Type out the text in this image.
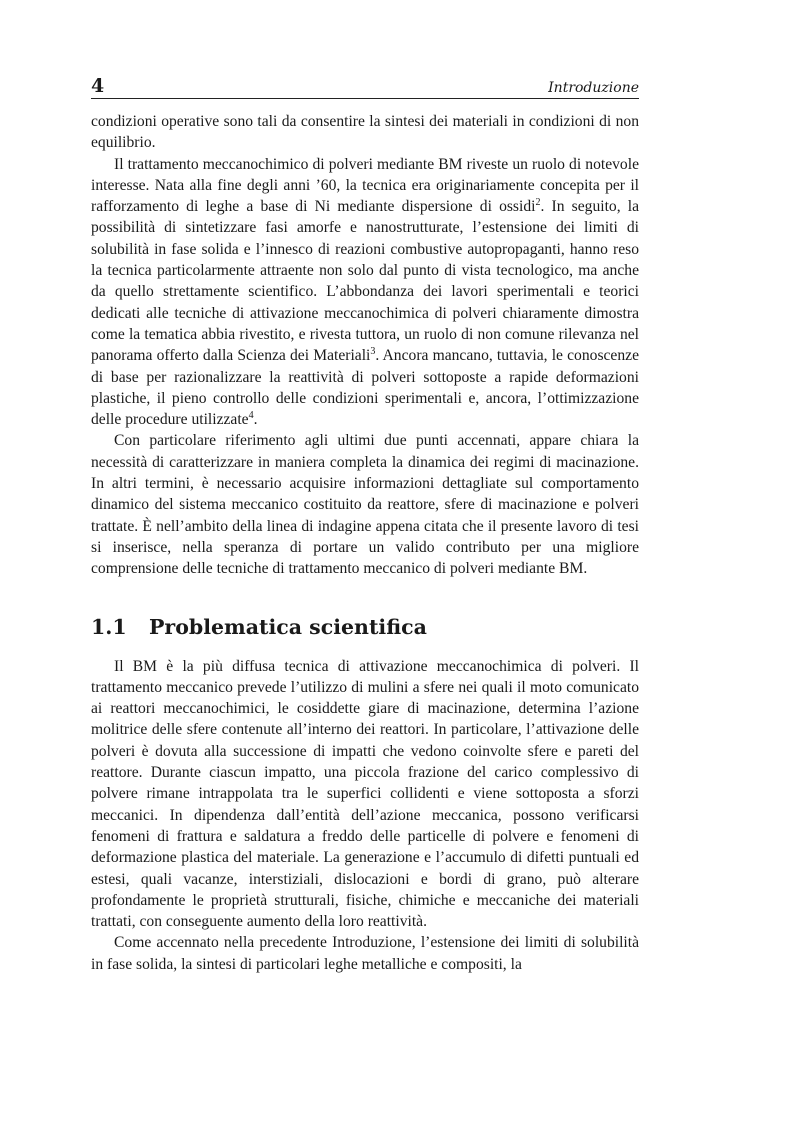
4	Introduzione

condizioni operative sono tali da consentire la sintesi dei materiali in condizioni di non equilibrio.

Il trattamento meccanochimico di polveri mediante BM riveste un ruolo di notevole interesse. Nata alla fine degli anni ’60, la tecnica era originariamente concepita per il rafforzamento di leghe a base di Ni mediante dispersione di ossidi$^2$. In seguito, la possibilità di sintetizzare fasi amorfe e nanostrutturate, l’estensione dei limiti di solubilità in fase solida e l’innesco di reazioni combustive autopropaganti, hanno reso la tecnica particolarmente attraente non solo dal punto di vista tecnologico, ma anche da quello strettamente scientifico. L’abbondanza dei lavori sperimentali e teorici dedicati alle tecniche di attivazione meccanochimica di polveri chiaramente dimostra come la tematica abbia rivestito, e rivesta tuttora, un ruolo di non comune rilevanza nel panorama offerto dalla Scienza dei Materiali$^3$. Ancora mancano, tuttavia, le conoscenze di base per razionalizzare la reattività di polveri sottoposte a rapide deformazioni plastiche, il pieno controllo delle condizioni sperimentali e, ancora, l’ottimizzazione delle procedure utilizzate$^4$.

Con particolare riferimento agli ultimi due punti accennati, appare chiara la necessità di caratterizzare in maniera completa la dinamica dei regimi di macinazione. In altri termini, è necessario acquisire informazioni dettagliate sul comportamento dinamico del sistema meccanico costituito da reattore, sfere di macinazione e polveri trattate. È nell’ambito della linea di indagine appena citata che il presente lavoro di tesi si inserisce, nella speranza di portare un valido contributo per una migliore comprensione delle tecniche di trattamento meccanico di polveri mediante BM.

1.1	Problematica scientifica

Il BM è la più diffusa tecnica di attivazione meccanochimica di polveri. Il trattamento meccanico prevede l’utilizzo di mulini a sfere nei quali il moto comunicato ai reattori meccanochimici, le cosiddette giare di macinazione, determina l’azione molitrice delle sfere contenute all’interno dei reattori. In particolare, l’attivazione delle polveri è dovuta alla successione di impatti che vedono coinvolte sfere e pareti del reattore. Durante ciascun impatto, una piccola frazione del carico complessivo di polvere rimane intrappolata tra le superfici collidenti e viene sottoposta a sforzi meccanici. In dipendenza dall’entità dell’azione meccanica, possono verificarsi fenomeni di frattura e saldatura a freddo delle particelle di polvere e fenomeni di deformazione plastica del materiale. La generazione e l’accumulo di difetti puntuali ed estesi, quali vacanze, interstiziali, dislocazioni e bordi di grano, può alterare profondamente le proprietà strutturali, fisiche, chimiche e meccaniche dei materiali trattati, con conseguente aumento della loro reattività.

Come accennato nella precedente Introduzione, l’estensione dei limiti di solubilità in fase solida, la sintesi di particolari leghe metalliche e compositi, la
